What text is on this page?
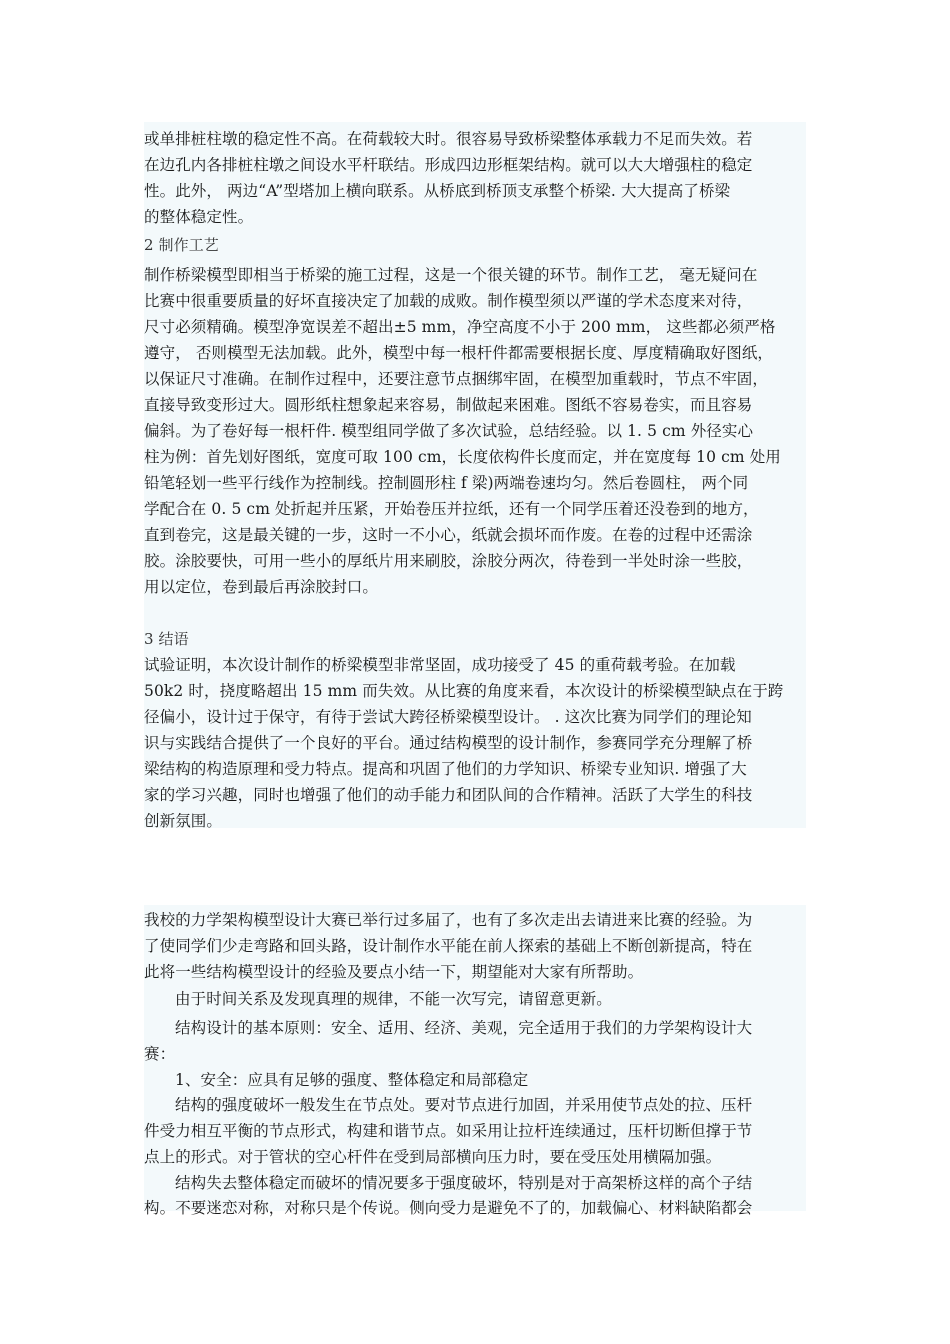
或单排桩柱墩的稳定性不高。在荷载较大时。很容易导致桥梁整体承载力不足而失效。若
在边孔内各排桩柱墩之间设水平杆联结。形成四边形框架结构。就可以大大增强柱的稳定
性。此外， 两边“A”型塔加上横向联系。从桥底到桥顶支承整个桥梁. 大大提高了桥梁
的整体稳定性。
2 制作工艺
制作桥梁模型即相当于桥梁的施工过程，这是一个很关键的环节。制作工艺， 毫无疑问在
比赛中很重要质量的好坏直接决定了加载的成败。制作模型须以严谨的学术态度来对待，
尺寸必须精确。模型净宽误差不超出±5 mm，净空高度不小于 200 mm， 这些都必须严格
遵守， 否则模型无法加载。此外，模型中每一根杆件都需要根据长度、厚度精确取好图纸，
以保证尺寸准确。在制作过程中，还要注意节点捆绑牢固，在模型加重载时，节点不牢固，
直接导致变形过大。圆形纸柱想象起来容易，制做起来困难。图纸不容易卷实，而且容易
偏斜。为了卷好每一根杆件. 模型组同学做了多次试验，总结经验。以 1. 5 cm 外径实心
柱为例：首先划好图纸，宽度可取 100 cm，长度依构件长度而定，并在宽度每 10 cm 处用
铅笔轻划一些平行线作为控制线。控制圆形柱 f 梁)两端卷速均匀。然后卷圆柱， 两个同
学配合在 0. 5 cm 处折起并压紧，开始卷压并拉纸，还有一个同学压着还没卷到的地方，
直到卷完，这是最关键的一步，这时一不小心，纸就会损坏而作废。在卷的过程中还需涂
胶。涂胶要快，可用一些小的厚纸片用来刷胶，涂胶分两次，待卷到一半处时涂一些胶，
用以定位，卷到最后再涂胶封口。
3 结语
试验证明，本次设计制作的桥梁模型非常坚固，成功接受了 45 的重荷载考验。在加载
50k2 时，挠度略超出 15 mm 而失效。从比赛的角度来看，本次设计的桥梁模型缺点在于跨
径偏小，设计过于保守，有待于尝试大跨径桥梁模型设计。 . 这次比赛为同学们的理论知
识与实践结合提供了一个良好的平台。通过结构模型的设计制作，参赛同学充分理解了桥
梁结构的构造原理和受力特点。提高和巩固了他们的力学知识、桥梁专业知识. 增强了大
家的学习兴趣，同时也增强了他们的动手能力和团队间的合作精神。活跃了大学生的科技
创新氛围。
我校的力学架构模型设计大赛已举行过多届了，也有了多次走出去请进来比赛的经验。为
了使同学们少走弯路和回头路，设计制作水平能在前人探索的基础上不断创新提高，特在
此将一些结构模型设计的经验及要点小结一下，期望能对大家有所帮助。
由于时间关系及发现真理的规律，不能一次写完，请留意更新。
结构设计的基本原则：安全、适用、经济、美观，完全适用于我们的力学架构设计大
赛：
1、安全：应具有足够的强度、整体稳定和局部稳定
结构的强度破坏一般发生在节点处。要对节点进行加固，并采用使节点处的拉、压杆
件受力相互平衡的节点形式，构建和谐节点。如采用让拉杆连续通过，压杆切断但撑于节
点上的形式。对于管状的空心杆件在受到局部横向压力时，要在受压处用横隔加强。
结构失去整体稳定而破坏的情况要多于强度破坏，特别是对于高架桥这样的高个子结
构。不要迷恋对称，对称只是个传说。侧向受力是避免不了的，加载偏心、材料缺陷都会
